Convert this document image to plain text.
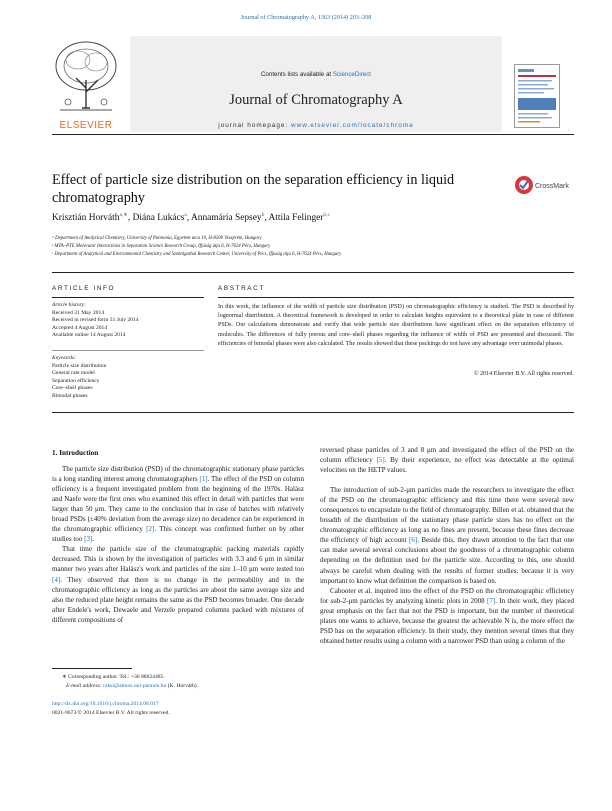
Journal of Chromatography A, 1363 (2014) 203–208
ELSEVIER
Contents lists available at ScienceDirect
Journal of Chromatography A
journal homepage: www.elsevier.com/locate/chroma
Effect of particle size distribution on the separation efficiency in liquid chromatography
CrossMark
Krisztián Horváth$^{a,∗}$, Diána Lukács$^a$, Annamária Sepsey$^b$, Attila Felinger$^{b,c}$
ᵃ Department of Analytical Chemistry, University of Pannonia, Egyetem utca 10, H-8200 Veszprém, Hungary
ᵇ MTA–PTE Molecular Interactions in Separation Science Research Group, Ifjúság útja 6, H-7624 Pécs, Hungary
ᶜ Department of Analytical and Environmental Chemistry and Szentágothai Research Center, University of Pécs, Ifjúság útja 6, H-7624 Pécs, Hungary
ARTICLE INFO
Article history:
Received 31 May 2014
Received in revised form 31 July 2014
Accepted 4 August 2014
Available online 14 August 2014
Keywords:
Particle size distribution
General rate model
Separation efficiency
Core–shell phases
Bimodal phases
ABSTRACT
In this work, the influence of the width of particle size distribution (PSD) on chromatographic efficiency is studied. The PSD is described by lognormal distribution. A theoretical framework is developed in order to calculate heights equivalent to a theoretical plate in case of different PSDs. Our calculations demonstrate and verify that wide particle size distributions have significant effect on the separation efficiency of molecules. The differences of fully porous and core–shell phases regarding the influence of width of PSD are presented and discussed. The efficiencies of bimodal phases were also calculated. The results showed that these packings do not have any advantage over unimodal phases.
© 2014 Elsevier B.V. All rights reserved.
1. Introduction

The particle size distribution (PSD) of the chromatographic stationary phase particles is a long standing interest among chromatographers [1]. The effect of the PSD on column efficiency is a frequent investigated problem from the beginning of the 1970s. Halász and Naefe were the first ones who examined this effect in detail with particles that were larger than 50 μm. They came to the conclusion that in case of batches with relatively broad PSDs (±40% deviation from the average size) no decadence can be experienced in the chromatographic efficiency [2]. This concept was confirmed further on by other studies too [3].

That time the particle size of the chromatographic packing materials rapidly decreased. This is shown by the investigation of particles with 3.3 and 6 μm in similar manner two years after Halász's work and particles of the size 1–10 μm were tested too [4]. They observed that there is no change in the permeability and in the chromatographic efficiency as long as the particles are about the same average size and also the reduced plate height remains the same as the PSD becomes broader. One decade after Endele's work, Dewaele and Verzele prepared columns packed with mixtures of different compositions of

reversed phase particles of 3 and 8 μm and investigated the effect of the PSD on the column efficiency [5]. By their experience, no effect was detectable at the optimal velocities on the HETP values.

The introduction of sub-2-μm particles made the researchers to investigate the effect of the PSD on the chromatographic efficiency and this time there were several new consequences to encapsulate to the field of chromatography. Billen et al. obtained that the breadth of the distribution of the stationary phase particle sizes has no effect on the chromatographic efficiency as long as no fines are present, because these fines decrease the efficiency of high account [6]. Beside this, they drawn attention to the fact that one can make several several conclusions about the goodness of a chromatographic column depending on the definition used for the particle size. According to this, one should always be careful when dealing with the results of former studies, because it is very important to know what definition the comparison is based on.

Cabooter et al. inquired into the effect of the PSD on the chromatographic efficiency for sub-2-μm particles by analyzing kinetic plots in 2008 [7]. In their work, they placed great emphasis on the fact that not the PSD is important, but the number of theoretical plates one wants to achieve, because the greatest the achievable N is, the more effect the PSD has on the separation efficiency. In their study, they mention several times that they obtained better results using a column with a narrower PSD than using a column of the

∗ Corresponding author. Tel.: +36 88624485.
E-mail address: raksi@almos.uni-pannon.hu (K. Horváth).
http://dx.doi.org/10.1016/j.chroma.2014.08.017
0021-9673/© 2014 Elsevier B.V. All rights reserved.
